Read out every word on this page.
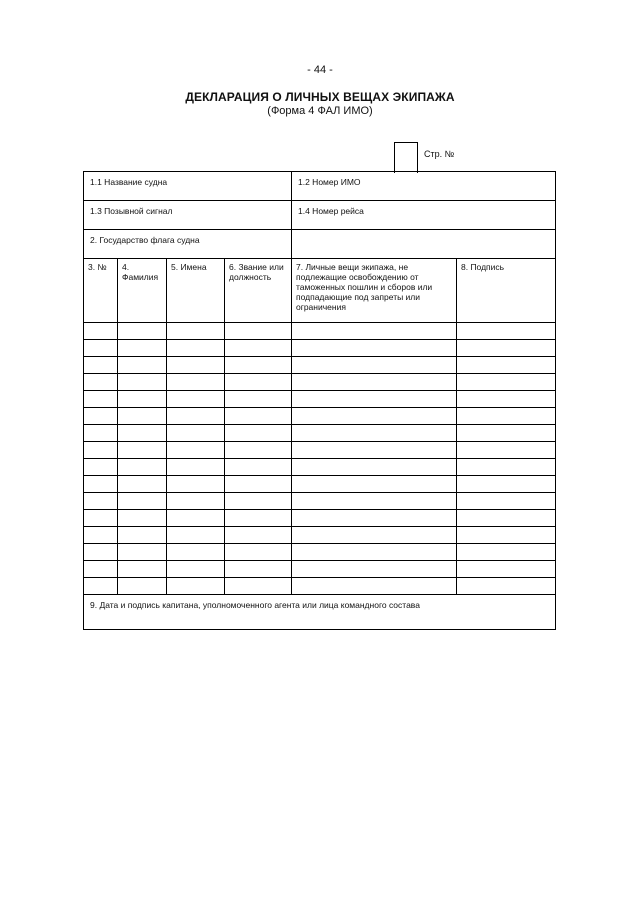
- 44 -
ДЕКЛАРАЦИЯ О ЛИЧНЫХ ВЕЩАХ ЭКИПАЖА
(Форма 4 ФАЛ ИМО)
Стр. №
1.1 Название судна				1.2 Номер ИМО	

1.3 Позывной сигнал				1.4 Номер рейса	

2. Государство флага судна					

3. №	4. Фамилия	5. Имена	6. Звание или должность	7. Личные вещи экипажа, не подлежащие освобождению от таможенных пошлин и сборов или подпадающие под запреты или ограничения	8. Подпись

9. Дата и подпись капитана, уполномоченного агента или лица командного состава					
